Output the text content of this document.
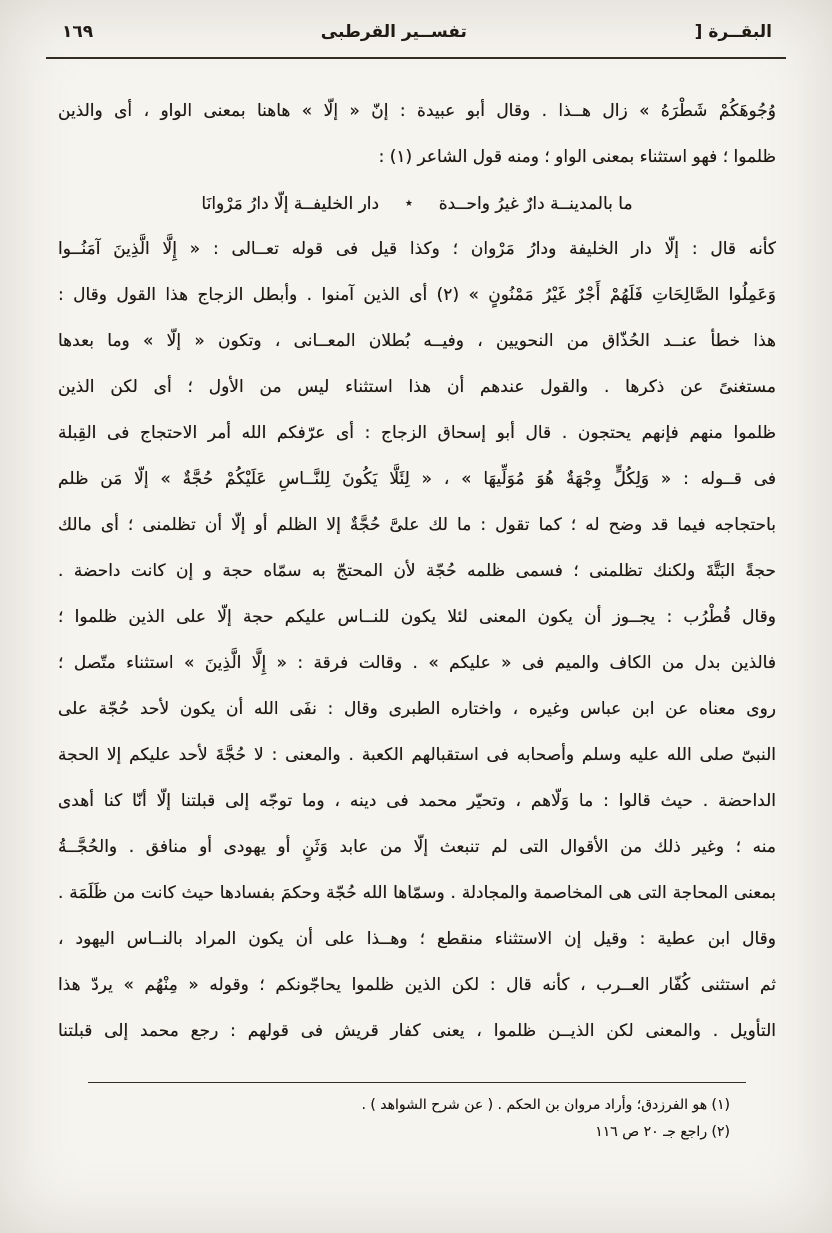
١٦٩	تفســير القرطبى	البقــرة]
وُجُوهَكُمْ شَطْرَهُ » زال هــذا . وقال أبو عبيدة : إنّ « إلّا » هاهنا بمعنى الواو ، أى والذين
ظلموا ؛ فهو استثناء بمعنى الواو ؛ ومنه قول الشاعر (١) :
ما بالمدينــة دارٌ غيرُ واحــدة٭دار الخليفــة إلّا دارُ مَرْوانَا
كأنه قال : إلّا دار الخليفة ودارُ مَرْوان ؛ وكذا قيل فى قوله تعــالى : « إِلَّا الَّذِينَ آمَنُــوا
وَعَمِلُوا الصَّالِحَاتِ فَلَهُمْ أَجْرٌ غَيْرُ مَمْنُونٍ » (٢) أى الذين آمنوا . وأبطل الزجاج هذا القول وقال :
هذا خطأ عنــد الحُذّاق من النحويين ، وفيــه بُطلان المعــانى ، وتكون « إلّا » وما بعدها
مستغنىً عن ذكرها . والقول عندهم أن هذا استثناء ليس من الأول ؛ أى لكن الذين
ظلموا منهم فإنهم يحتجون . قال أبو إسحاق الزجاج : أى عرّفكم الله أمر الاحتجاج فى القِبلة
فى قــوله : « وَلِكُلٍّ وِجْهَةٌ هُوَ مُوَلِّيهَا » ، « لِئَلَّا يَكُونَ لِلنَّــاسِ عَلَيْكُمْ حُجَّةٌ » إلّا مَن ظلم
باحتجاجه فيما قد وضح له ؛ كما تقول : ما لك علىَّ حُجَّةٌ إلا الظلم أو إلّا أن تظلمنى ؛ أى مالك
حجةً البَتَّةَ ولكنك تظلمنى ؛ فسمى ظلمه حُجّة لأن المحتجّ به سمّاه حجة و إن كانت داحضة .
وقال قُطْرُب : يجــوز أن يكون المعنى لئلا يكون للنــاس عليكم حجة إلّا على الذين ظلموا ؛
فالذين بدل من الكاف والميم فى « عليكم » . وقالت فرقة : « إِلَّا الَّذِينَ » استثناء متّصل ؛
روى معناه عن ابن عباس وغيره ، واختاره الطبرى وقال : نفَى الله أن يكون لأحد حُجّة على
النبىّ صلى الله عليه وسلم وأصحابه فى استقبالهم الكعبة . والمعنى : لا حُجَّةَ لأحد عليكم إلا الحجة
الداحضة . حيث قالوا : ما وَلّاهم ، وتحيّر محمد فى دينه ، وما توجّه إلى قبلتنا إلّا أنّا كنا أهدى
منه ؛ وغير ذلك من الأقوال التى لم تنبعث إلّا من عابد وَثَنٍ أو يهودى أو منافق . والحُجَّــةُ
بمعنى المحاجة التى هى المخاصمة والمجادلة . وسمّاها الله حُجّة وحكمَ بفسادها حيث كانت من ظَلَمَة .
وقال ابن عطية : وقيل إن الاستثناء منقطع ؛ وهــذا على أن يكون المراد بالنــاس اليهود ،
ثم استثنى كُفّار العــرب ، كأنه قال : لكن الذين ظلموا يحاجّونكم ؛ وقوله « مِنْهُم » يردّ هذا
التأويل . والمعنى لكن الذيــن ظلموا ، يعنى كفار قريش فى قولهم : رجع محمد إلى قبلتنا
(١) هو الفرزدق؛ وأراد مروان بن الحكم . ( عن شرح الشواهد ) .
(٢) راجع جـ ٢٠ ص ١١٦
